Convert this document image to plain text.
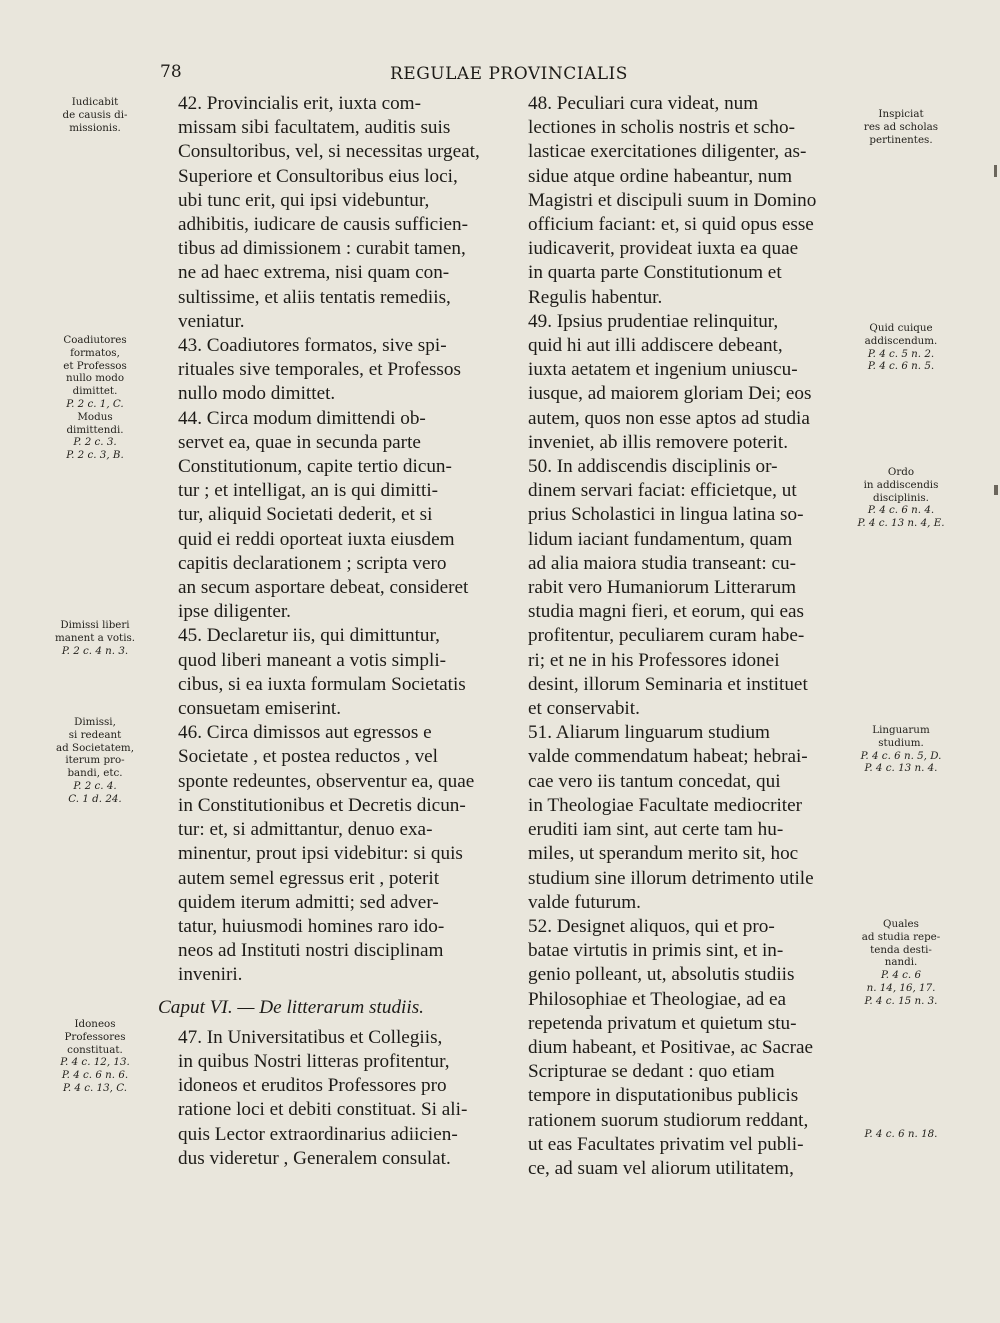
78	REGULAE PROVINCIALIS

42. Provincialis erit, iuxta com-
missam sibi facultatem, auditis suis
Consultoribus, vel, si necessitas urgeat,
Superiore et Consultoribus eius loci,
ubi tunc erit, qui ipsi videbuntur,
adhibitis, iudicare de causis sufficien-
tibus ad dimissionem : curabit tamen,
ne ad haec extrema, nisi quam con-
sultissime, et aliis tentatis remediis,
veniatur.

43. Coadiutores formatos, sive spi-
rituales sive temporales, et Professos
nullo modo dimittet.

44. Circa modum dimittendi ob-
servet ea, quae in secunda parte
Constitutionum, capite tertio dicun-
tur ; et intelligat, an is qui dimitti-
tur, aliquid Societati dederit, et si
quid ei reddi oporteat iuxta eiusdem
capitis declarationem ; scripta vero
an secum asportare debeat, consideret
ipse diligenter.

45. Declaretur iis, qui dimittuntur,
quod liberi maneant a votis simpli-
cibus, si ea iuxta formulam Societatis
consuetam emiserint.

46. Circa dimissos aut egressos e
Societate , et postea reductos , vel
sponte redeuntes, observentur ea, quae
in Constitutionibus et Decretis dicun-
tur: et, si admittantur, denuo exa-
minentur, prout ipsi videbitur: si quis
autem semel egressus erit , poterit
quidem iterum admitti; sed adver-
tatur, huiusmodi homines raro ido-
neos ad Instituti nostri disciplinam
inveniri.

Caput VI. — De litterarum studiis.

47. In Universitatibus et Collegiis,
in quibus Nostri litteras profitentur,
idoneos et eruditos Professores pro
ratione loci et debiti constituat. Si ali-
quis Lector extraordinarius adiicien-
dus videretur , Generalem consulat.

48. Peculiari cura videat, num
lectiones in scholis nostris et scho-
lasticae exercitationes diligenter, as-
sidue atque ordine habeantur, num
Magistri et discipuli suum in Domino
officium faciant: et, si quid opus esse
iudicaverit, provideat iuxta ea quae
in quarta parte Constitutionum et
Regulis habentur.

49. Ipsius prudentiae relinquitur,
quid hi aut illi addiscere debeant,
iuxta aetatem et ingenium uniuscu-
iusque, ad maiorem gloriam Dei; eos
autem, quos non esse aptos ad studia
inveniet, ab illis removere poterit.

50. In addiscendis disciplinis or-
dinem servari faciat: efficietque, ut
prius Scholastici in lingua latina so-
lidum iaciant fundamentum, quam
ad alia maiora studia transeant: cu-
rabit vero Humaniorum Litterarum
studia magni fieri, et eorum, qui eas
profitentur, peculiarem curam habe-
ri; et ne in his Professores idonei
desint, illorum Seminaria et instituet
et conservabit.

51. Aliarum linguarum studium
valde commendatum habeat; hebrai-
cae vero iis tantum concedat, qui
in Theologiae Facultate mediocriter
eruditi iam sint, aut certe tam hu-
miles, ut sperandum merito sit, hoc
studium sine illorum detrimento utile
valde futurum.

52. Designet aliquos, qui et pro-
batae virtutis in primis sint, et in-
genio polleant, ut, absolutis studiis
Philosophiae et Theologiae, ad ea
repetenda privatum et quietum stu-
dium habeant, et Positivae, ac Sacrae
Scripturae se dedant : quo etiam
tempore in disputationibus publicis
rationem suorum studiorum reddant,
ut eas Facultates privatim vel publi-
ce, ad suam vel aliorum utilitatem,

Iudicabit
de causis di-
missionis.
Coadiutores
formatos,
et Professos
nullo modo
dimittet.
P. 2 c. 1, C.
Modus
dimittendi.
P. 2 c. 3.
P. 2 c. 3, B.
Dimissi liberi
manent a votis.
P. 2 c. 4 n. 3.
Dimissi,
si redeant
ad Societatem,
iterum pro-
bandi, etc.
P. 2 c. 4.
C. 1 d. 24.
Idoneos
Professores
constituat.
P. 4 c. 12, 13.
P. 4 c. 6 n. 6.
P. 4 c. 13, C.
Inspiciat
res ad scholas
pertinentes.
Quid cuique
addiscendum.
P. 4 c. 5 n. 2.
P. 4 c. 6 n. 5.
Ordo
in addiscendis
disciplinis.
P. 4 c. 6 n. 4.
P. 4 c. 13 n. 4, E.
Linguarum
studium.
P. 4 c. 6 n. 5, D.
P. 4 c. 13 n. 4.
Quales
ad studia repe-
tenda desti-
nandi.
P. 4 c. 6
n. 14, 16, 17.
P. 4 c. 15 n. 3.
P. 4 c. 6 n. 18.
